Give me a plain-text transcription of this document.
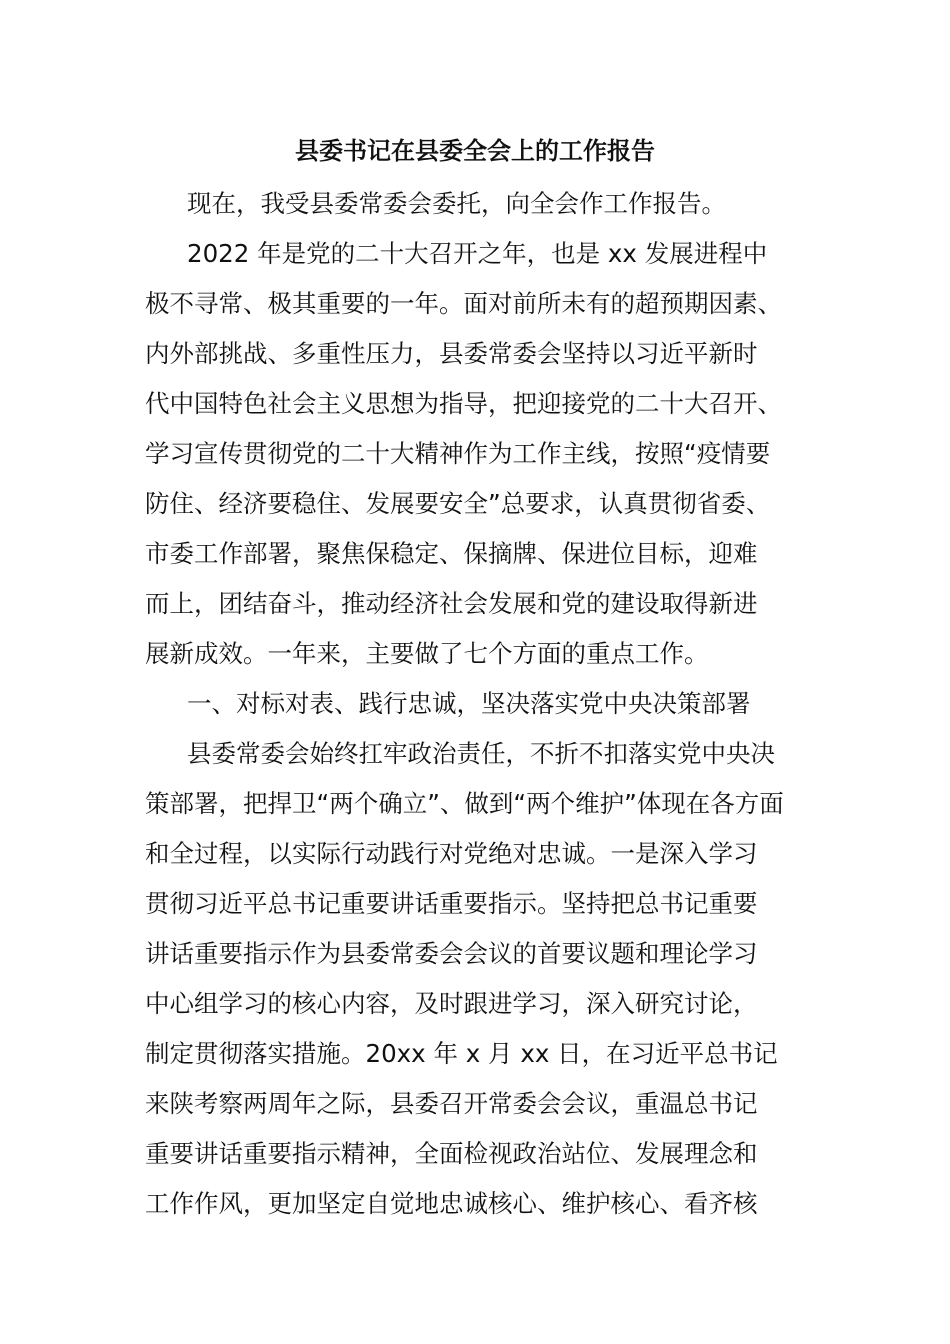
县委书记在县委全会上的工作报告
现在，我受县委常委会委托，向全会作工作报告。
2022 年是党的二十大召开之年，也是 xx 发展进程中
极不寻常、极其重要的一年。面对前所未有的超预期因素、
内外部挑战、多重性压力，县委常委会坚持以习近平新时
代中国特色社会主义思想为指导，把迎接党的二十大召开、
学习宣传贯彻党的二十大精神作为工作主线，按照“疫情要
防住、经济要稳住、发展要安全”总要求，认真贯彻省委、
市委工作部署，聚焦保稳定、保摘牌、保进位目标，迎难
而上，团结奋斗，推动经济社会发展和党的建设取得新进
展新成效。一年来，主要做了七个方面的重点工作。
一、对标对表、践行忠诚，坚决落实党中央决策部署
县委常委会始终扛牢政治责任，不折不扣落实党中央决
策部署，把捍卫“两个确立”、做到“两个维护”体现在各方面
和全过程，以实际行动践行对党绝对忠诚。一是深入学习
贯彻习近平总书记重要讲话重要指示。坚持把总书记重要
讲话重要指示作为县委常委会会议的首要议题和理论学习
中心组学习的核心内容，及时跟进学习，深入研究讨论，
制定贯彻落实措施。20xx 年 x 月 xx 日，在习近平总书记
来陕考察两周年之际，县委召开常委会会议，重温总书记
重要讲话重要指示精神，全面检视政治站位、发展理念和
工作作风，更加坚定自觉地忠诚核心、维护核心、看齐核
